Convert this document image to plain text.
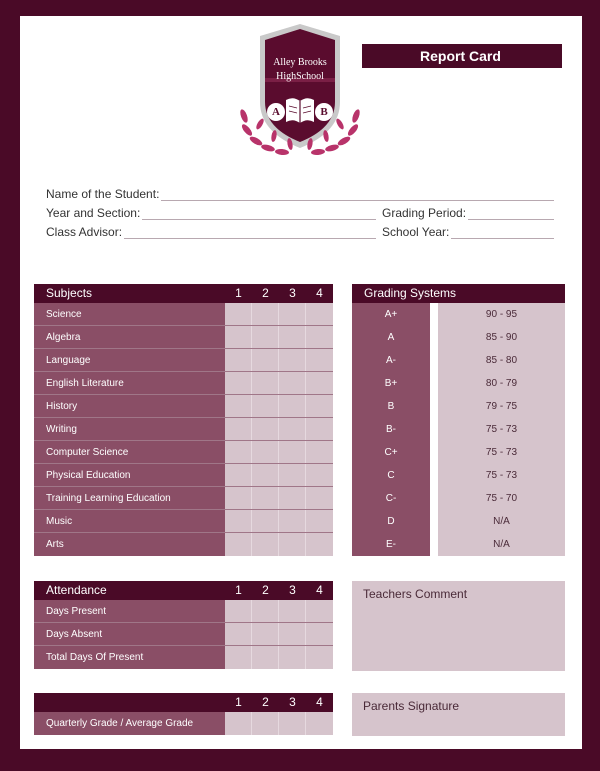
Alley Brooks
HighSchool
A	B
Report Card
Name of the Student:
Year and Section:	Grading Period:
Class Advisor:	School Year:
Subjects	1	2	3	4
Science
Algebra
Language
English Literature
History
Writing
Computer Science
Physical Education
Training Learning Education
Music
Arts
Grading Systems
A+	90 - 95
A	85 - 90
A-	85 - 80
B+	80 - 79
B	79 - 75
B-	75 - 73
C+	75 - 73
C	75 - 73
C-	75 - 70
D	N/A
E-	N/A
Attendance	1	2	3	4
Days Present
Days Absent
Total Days Of Present
Teachers Comment
1	2	3	4
Quarterly Grade / Average Grade
Parents Signature
